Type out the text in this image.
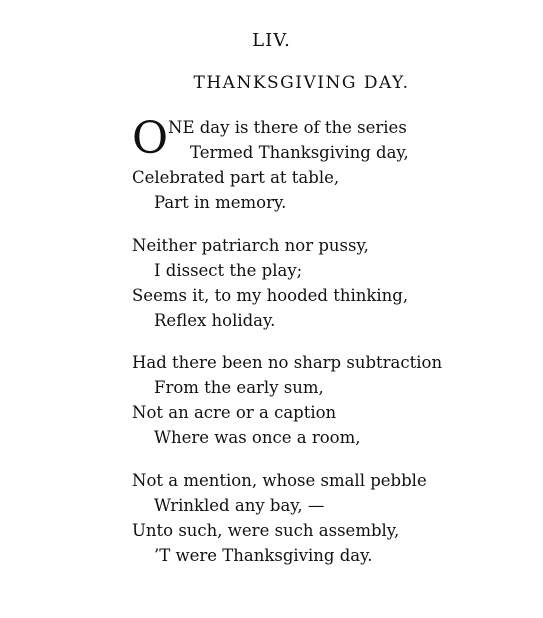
LIV.
THANKSGIVING DAY.
O NE day is there of the series
Termed Thanksgiving day,
Celebrated part at table,
Part in memory.
Neither patriarch nor pussy,
I dissect the play;
Seems it, to my hooded thinking,
Reflex holiday.
Had there been no sharp subtraction
From the early sum,
Not an acre or a caption
Where was once a room,
Not a mention, whose small pebble
Wrinkled any bay, —
Unto such, were such assembly,
’T were Thanksgiving day.
